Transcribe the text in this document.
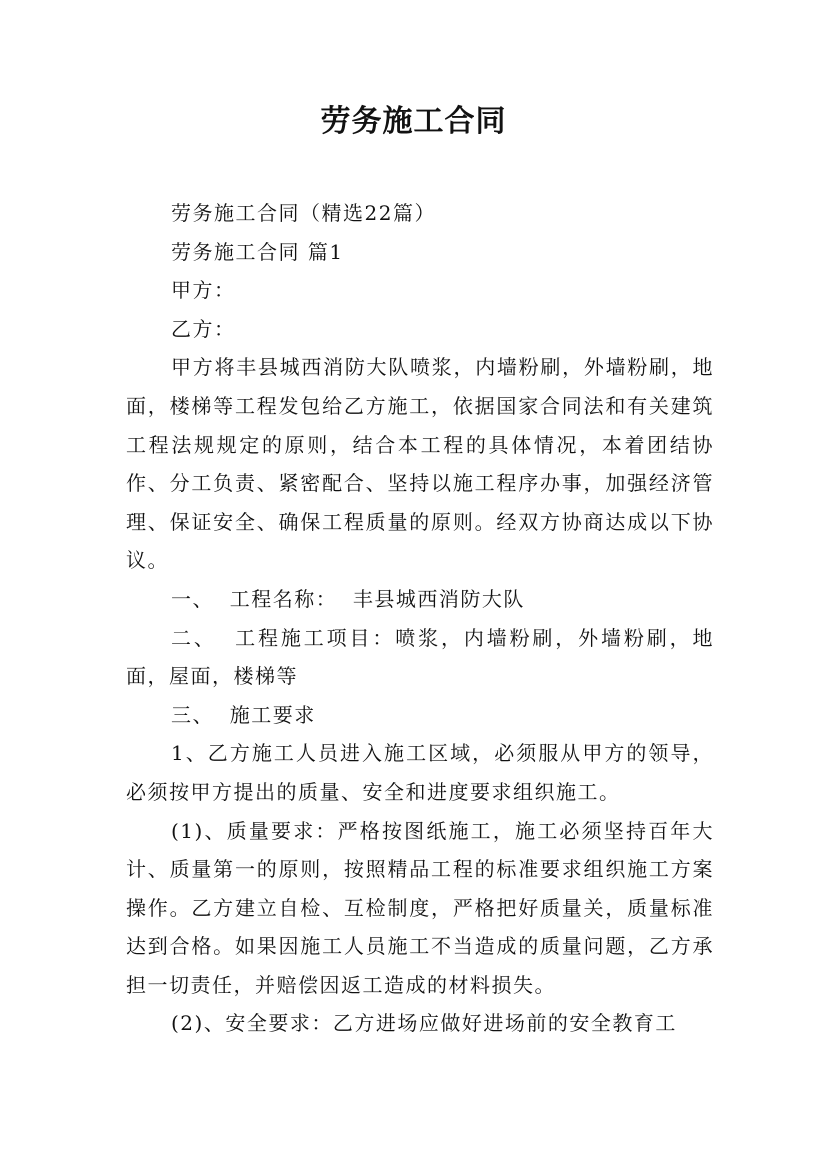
劳务施工合同

劳务施工合同（精选22篇）

劳务施工合同 篇1

甲方：

乙方：

甲方将丰县城西消防大队喷浆，内墙粉刷，外墙粉刷，地面，楼梯等工程发包给乙方施工，依据国家合同法和有关建筑工程法规规定的原则，结合本工程的具体情况，本着团结协作、分工负责、紧密配合、坚持以施工程序办事，加强经济管理、保证安全、确保工程质量的原则。经双方协商达成以下协议。

一、  工程名称：  丰县城西消防大队

二、  工程施工项目：喷浆，内墙粉刷，外墙粉刷，地面，屋面，楼梯等

三、  施工要求

1、乙方施工人员进入施工区域，必须服从甲方的领导，必须按甲方提出的质量、安全和进度要求组织施工。

(1)、质量要求：严格按图纸施工，施工必须坚持百年大计、质量第一的原则，按照精品工程的标准要求组织施工方案操作。乙方建立自检、互检制度，严格把好质量关，质量标准达到合格。如果因施工人员施工不当造成的质量问题，乙方承担一切责任，并赔偿因返工造成的材料损失。

(2)、安全要求：乙方进场应做好进场前的安全教育工
